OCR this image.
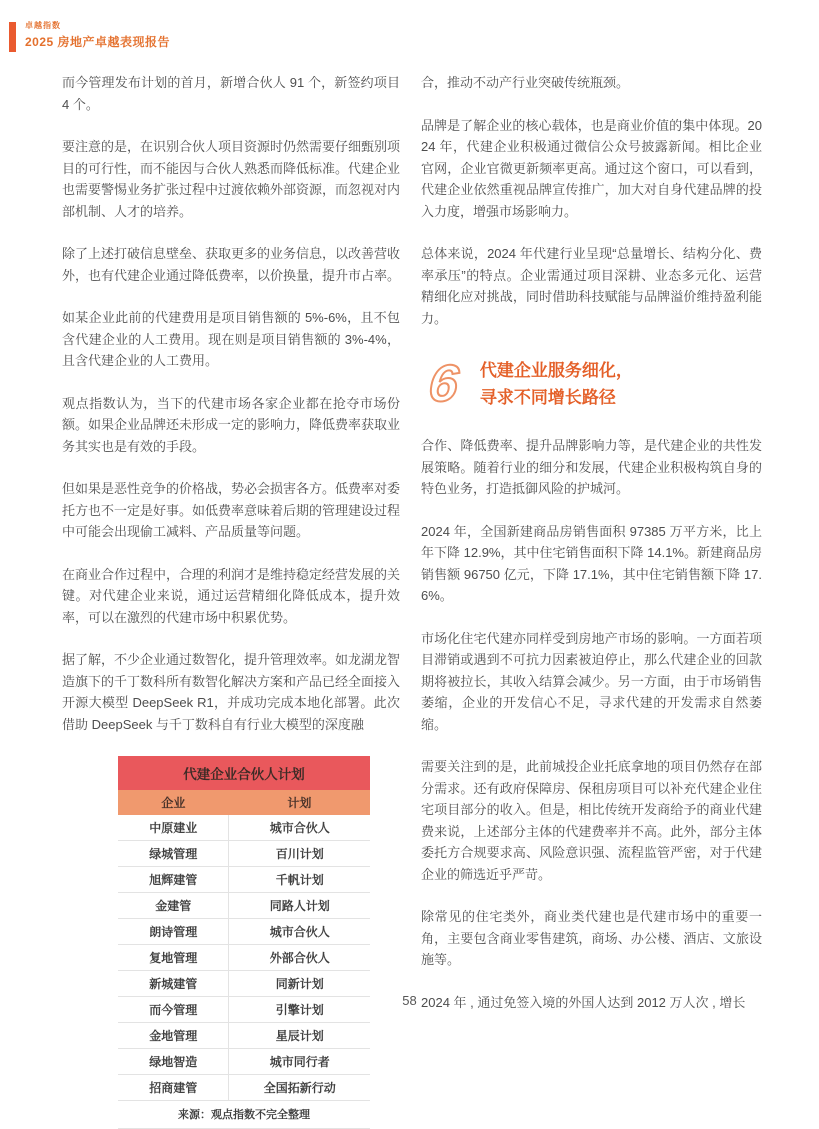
卓越指数
2025 房地产卓越表现报告

而今管理发布计划的首月，新增合伙人 91 个，新签约项目 4 个。

要注意的是，在识别合伙人项目资源时仍然需要仔细甄别项目的可行性，而不能因与合伙人熟悉而降低标准。代建企业也需要警惕业务扩张过程中过渡依赖外部资源，而忽视对内部机制、人才的培养。

除了上述打破信息壁垒、获取更多的业务信息，以改善营收外，也有代建企业通过降低费率，以价换量，提升市占率。

如某企业此前的代建费用是项目销售额的 5%-6%，且不包含代建企业的人工费用。现在则是项目销售额的 3%-4%，且含代建企业的人工费用。

观点指数认为，当下的代建市场各家企业都在抢夺市场份额。如果企业品牌还未形成一定的影响力，降低费率获取业务其实也是有效的手段。

但如果是恶性竞争的价格战，势必会损害各方。低费率对委托方也不一定是好事。如低费率意味着后期的管理建设过程中可能会出现偷工减料、产品质量等问题。

在商业合作过程中，合理的利润才是维持稳定经营发展的关键。对代建企业来说，通过运营精细化降低成本，提升效率，可以在激烈的代建市场中积累优势。

据了解，不少企业通过数智化，提升管理效率。如龙湖龙智造旗下的千丁数科所有数智化解决方案和产品已经全面接入开源大模型 DeepSeek R1，并成功完成本地化部署。此次借助 DeepSeek 与千丁数科自有行业大模型的深度融

代建企业合伙人计划
企业	计划
中原建业	城市合伙人
绿城管理	百川计划
旭辉建管	千帆计划
金建管	同路人计划
朗诗管理	城市合伙人
复地管理	外部合伙人
新城建管	同新计划
而今管理	引擎计划
金地管理	星辰计划
绿地智造	城市同行者
招商建管	全国拓新行动
来源：观点指数不完全整理

合，推动不动产行业突破传统瓶颈。

品牌是了解企业的核心载体，也是商业价值的集中体现。2024 年，代建企业积极通过微信公众号披露新闻。相比企业官网，企业官微更新频率更高。通过这个窗口，可以看到，代建企业依然重视品牌宣传推广，加大对自身代建品牌的投入力度，增强市场影响力。

总体来说，2024 年代建行业呈现“总量增长、结构分化、费率承压”的特点。企业需通过项目深耕、业态多元化、运营精细化应对挑战，同时借助科技赋能与品牌溢价维持盈利能力。

6 代建企业服务细化，
寻求不同增长路径

合作、降低费率、提升品牌影响力等，是代建企业的共性发展策略。随着行业的细分和发展，代建企业积极构筑自身的特色业务，打造抵御风险的护城河。

2024 年，全国新建商品房销售面积 97385 万平方米，比上年下降 12.9%，其中住宅销售面积下降 14.1%。新建商品房销售额 96750 亿元，下降 17.1%，其中住宅销售额下降 17.6%。

市场化住宅代建亦同样受到房地产市场的影响。一方面若项目滞销或遇到不可抗力因素被迫停止，那么代建企业的回款期将被拉长，其收入结算会减少。另一方面，由于市场销售萎缩，企业的开发信心不足，寻求代建的开发需求自然萎缩。

需要关注到的是，此前城投企业托底拿地的项目仍然存在部分需求。还有政府保障房、保租房项目可以补充代建企业住宅项目部分的收入。但是，相比传统开发商给予的商业代建费来说，上述部分主体的代建费率并不高。此外，部分主体委托方合规要求高、风险意识强、流程监管严密，对于代建企业的筛选近乎严苛。

除常见的住宅类外，商业类代建也是代建市场中的重要一角，主要包含商业零售建筑，商场、办公楼、酒店、文旅设施等。

2024 年 , 通过免签入境的外国人达到 2012 万人次 , 增长

58
